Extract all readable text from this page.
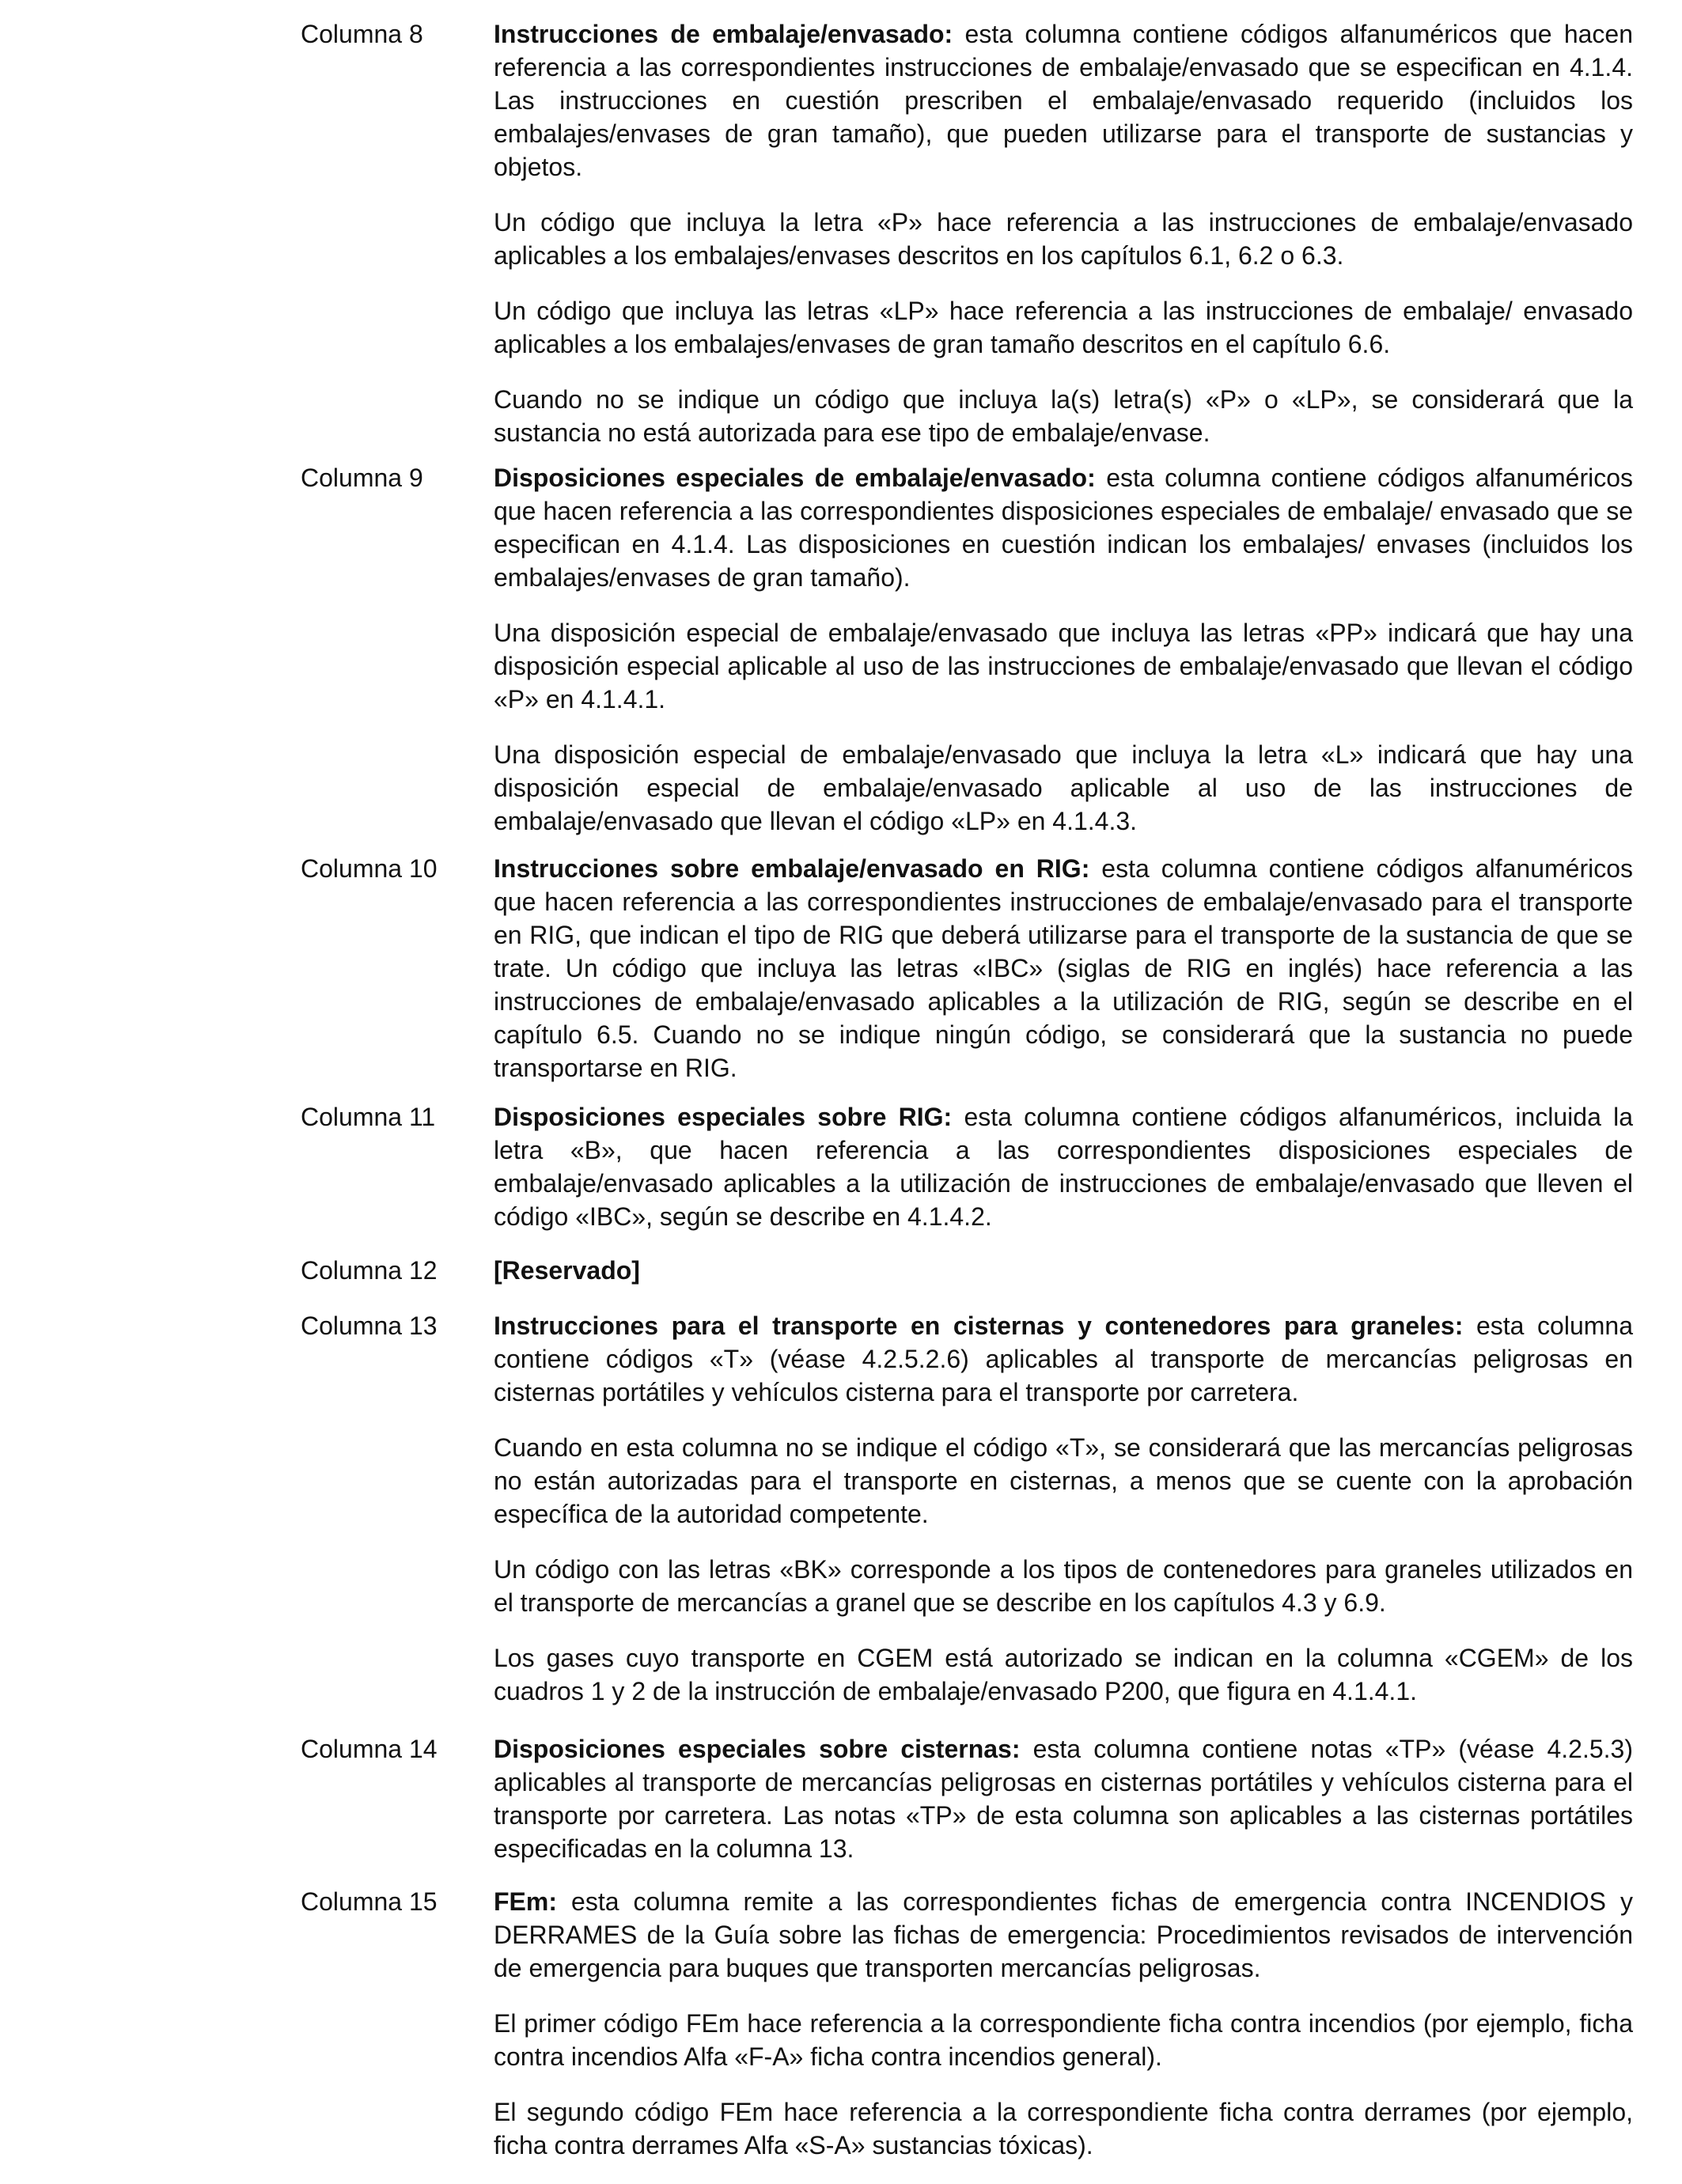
Columna 8	Instrucciones de embalaje/envasado: esta columna contiene códigos alfanuméricos que hacen referencia a las correspondientes instrucciones de embalaje/envasado que se especifican en 4.1.4. Las instrucciones en cuestión prescriben el embalaje/envasado requerido (incluidos los embalajes/envases de gran tamaño), que pueden utilizarse para el transporte de sustancias y objetos.

Un código que incluya la letra «P» hace referencia a las instrucciones de embalaje/envasado aplicables a los embalajes/envases descritos en los capítulos 6.1, 6.2 o 6.3.

Un código que incluya las letras «LP» hace referencia a las instrucciones de embalaje/ envasado aplicables a los embalajes/envases de gran tamaño descritos en el capítulo 6.6.

Cuando no se indique un código que incluya la(s) letra(s) «P» o «LP», se considerará que la sustancia no está autorizada para ese tipo de embalaje/envase.

Columna 9	Disposiciones especiales de embalaje/envasado: esta columna contiene códigos alfanuméricos que hacen referencia a las correspondientes disposiciones especiales de embalaje/ envasado que se especifican en 4.1.4. Las disposiciones en cuestión indican los embalajes/ envases (incluidos los embalajes/envases de gran tamaño).

Una disposición especial de embalaje/envasado que incluya las letras «PP» indicará que hay una disposición especial aplicable al uso de las instrucciones de embalaje/envasado que llevan el código «P» en 4.1.4.1.

Una disposición especial de embalaje/envasado que incluya la letra «L» indicará que hay una disposición especial de embalaje/envasado aplicable al uso de las instrucciones de embalaje/envasado que llevan el código «LP» en 4.1.4.3.

Columna 10 Instrucciones sobre embalaje/envasado en RIG: esta columna contiene códigos alfanuméricos que hacen referencia a las correspondientes instrucciones de embalaje/envasado para el transporte en RIG, que indican el tipo de RIG que deberá utilizarse para el transporte de la sustancia de que se trate. Un código que incluya las letras «IBC» (siglas de RIG en inglés) hace referencia a las instrucciones de embalaje/envasado aplicables a la utilización de RIG, según se describe en el capítulo 6.5. Cuando no se indique ningún código, se considerará que la sustancia no puede transportarse en RIG.

Columna 11 Disposiciones especiales sobre RIG: esta columna contiene códigos alfanuméricos, incluida la letra «B», que hacen referencia a las correspondientes disposiciones especiales de embalaje/envasado aplicables a la utilización de instrucciones de embalaje/envasado que lleven el código «IBC», según se describe en 4.1.4.2.

Columna 12 [Reservado]

Columna 13 Instrucciones para el transporte en cisternas y contenedores para graneles: esta columna contiene códigos «T» (véase 4.2.5.2.6) aplicables al transporte de mercancías peligrosas en cisternas portátiles y vehículos cisterna para el transporte por carretera.

Cuando en esta columna no se indique el código «T», se considerará que las mercancías peligrosas no están autorizadas para el transporte en cisternas, a menos que se cuente con la aprobación específica de la autoridad competente.

Un código con las letras «BK» corresponde a los tipos de contenedores para graneles utilizados en el transporte de mercancías a granel que se describe en los capítulos 4.3 y 6.9.

Los gases cuyo transporte en CGEM está autorizado se indican en la columna «CGEM» de los cuadros 1 y 2 de la instrucción de embalaje/envasado P200, que figura en 4.1.4.1.

Columna 14 Disposiciones especiales sobre cisternas: esta columna contiene notas «TP» (véase 4.2.5.3) aplicables al transporte de mercancías peligrosas en cisternas portátiles y vehículos cisterna para el transporte por carretera. Las notas «TP» de esta columna son aplicables a las cisternas portátiles especificadas en la columna 13.

Columna 15 FEm: esta columna remite a las correspondientes fichas de emergencia contra INCENDIOS y DERRAMES de la Guía sobre las fichas de emergencia: Procedimientos revisados de intervención de emergencia para buques que transporten mercancías peligrosas.

El primer código FEm hace referencia a la correspondiente ficha contra incendios (por ejemplo, ficha contra incendios Alfa «F-A» ficha contra incendios general).

El segundo código FEm hace referencia a la correspondiente ficha contra derrames (por ejemplo, ficha contra derrames Alfa «S-A» sustancias tóxicas).
